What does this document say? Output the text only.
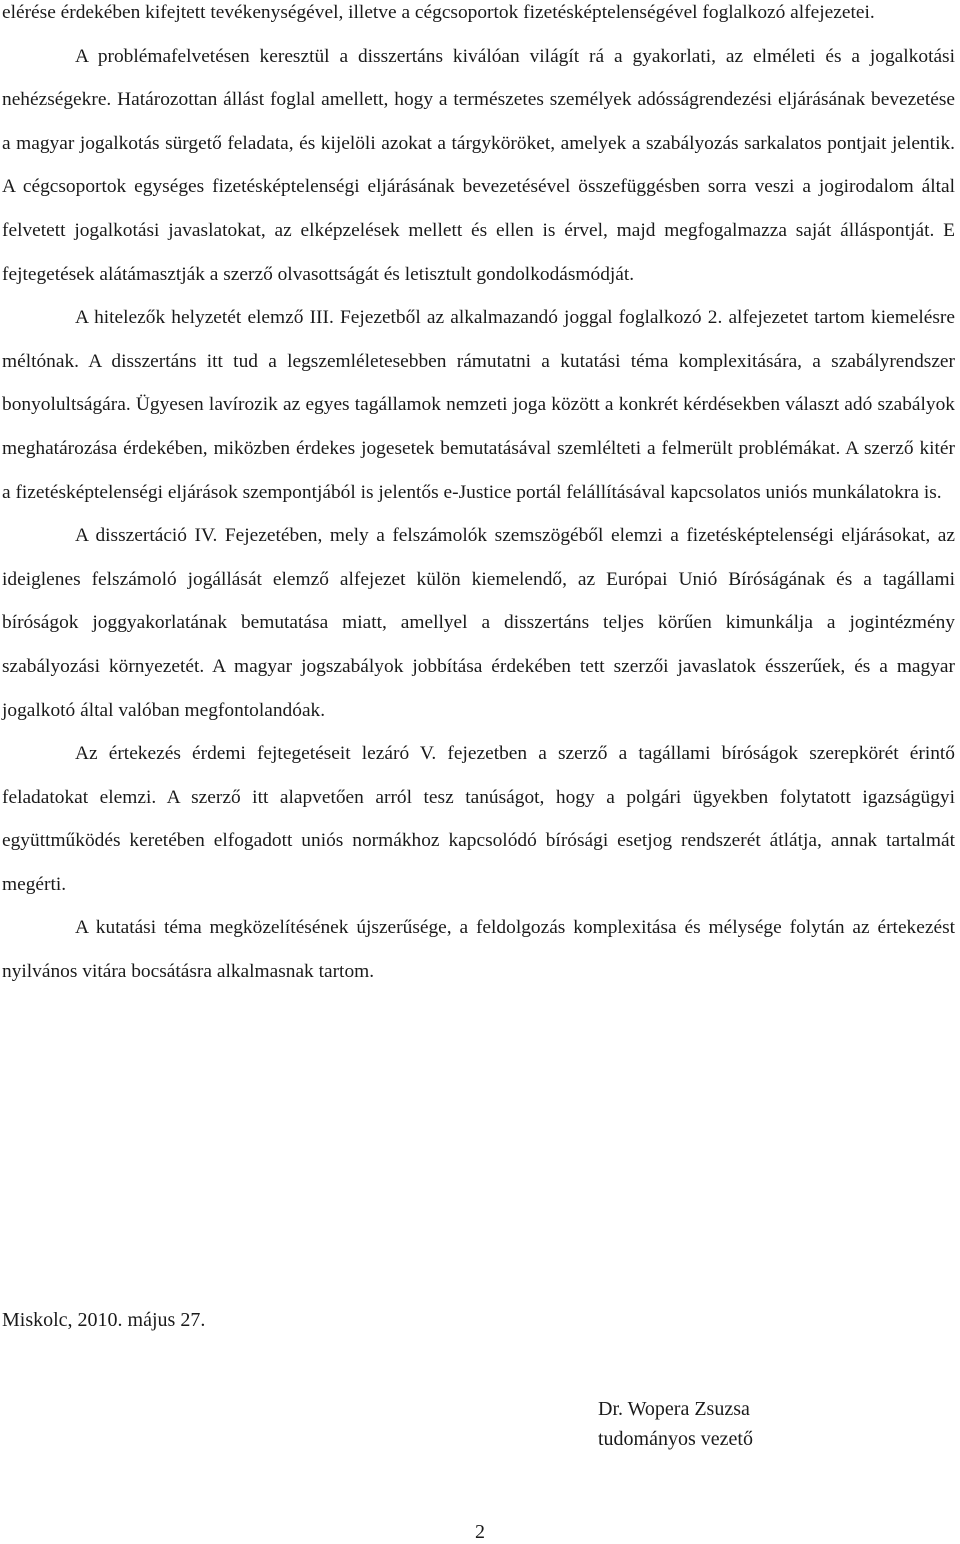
elérése érdekében kifejtett tevékenységével, illetve a cégcsoportok fizetésképtelenségével foglalkozó alfejezetei.

A problémafelvetésen keresztül a disszertáns kiválóan világít rá a gyakorlati, az elméleti és a jogalkotási nehézségekre. Határozottan állást foglal amellett, hogy a természetes személyek adósságrendezési eljárásának bevezetése a magyar jogalkotás sürgető feladata, és kijelöli azokat a tárgyköröket, amelyek a szabályozás sarkalatos pontjait jelentik. A cégcsoportok egységes fizetésképtelenségi eljárásának bevezetésével összefüggésben sorra veszi a jogirodalom által felvetett jogalkotási javaslatokat, az elképzelések mellett és ellen is érvel, majd megfogalmazza saját álláspontját. E fejtegetések alátámasztják a szerző olvasottságát és letisztult gondolkodásmódját.

A hitelezők helyzetét elemző III. Fejezetből az alkalmazandó joggal foglalkozó 2. alfejezetet tartom kiemelésre méltónak. A disszertáns itt tud a legszemléletesebben rámutatni a kutatási téma komplexitására, a szabályrendszer bonyolultságára. Ügyesen lavírozik az egyes tagállamok nemzeti joga között a konkrét kérdésekben választ adó szabályok meghatározása érdekében, miközben érdekes jogesetek bemutatásával szemlélteti a felmerült problémákat. A szerző kitér a fizetésképtelenségi eljárások szempontjából is jelentős e-Justice portál felállításával kapcsolatos uniós munkálatokra is.

A disszertáció IV. Fejezetében, mely a felszámolók szemszögéből elemzi a fizetésképtelenségi eljárásokat, az ideiglenes felszámoló jogállását elemző alfejezet külön kiemelendő, az Európai Unió Bíróságának és a tagállami bíróságok joggyakorlatának bemutatása miatt, amellyel a disszertáns teljes körűen kimunkálja a jogintézmény szabályozási környezetét. A magyar jogszabályok jobbítása érdekében tett szerzői javaslatok ésszerűek, és a magyar jogalkotó által valóban megfontolandóak.

Az értekezés érdemi fejtegetéseit lezáró V. fejezetben a szerző a tagállami bíróságok szerepkörét érintő feladatokat elemzi. A szerző itt alapvetően arról tesz tanúságot, hogy a polgári ügyekben folytatott igazságügyi együttműködés keretében elfogadott uniós normákhoz kapcsolódó bírósági esetjog rendszerét átlátja, annak tartalmát megérti.

A kutatási téma megközelítésének újszerűsége, a feldolgozás komplexitása és mélysége folytán az értekezést nyilvános vitára bocsátásra alkalmasnak tartom.

Miskolc, 2010. május 27.
Dr. Wopera Zsuzsa
tudományos vezető
2
